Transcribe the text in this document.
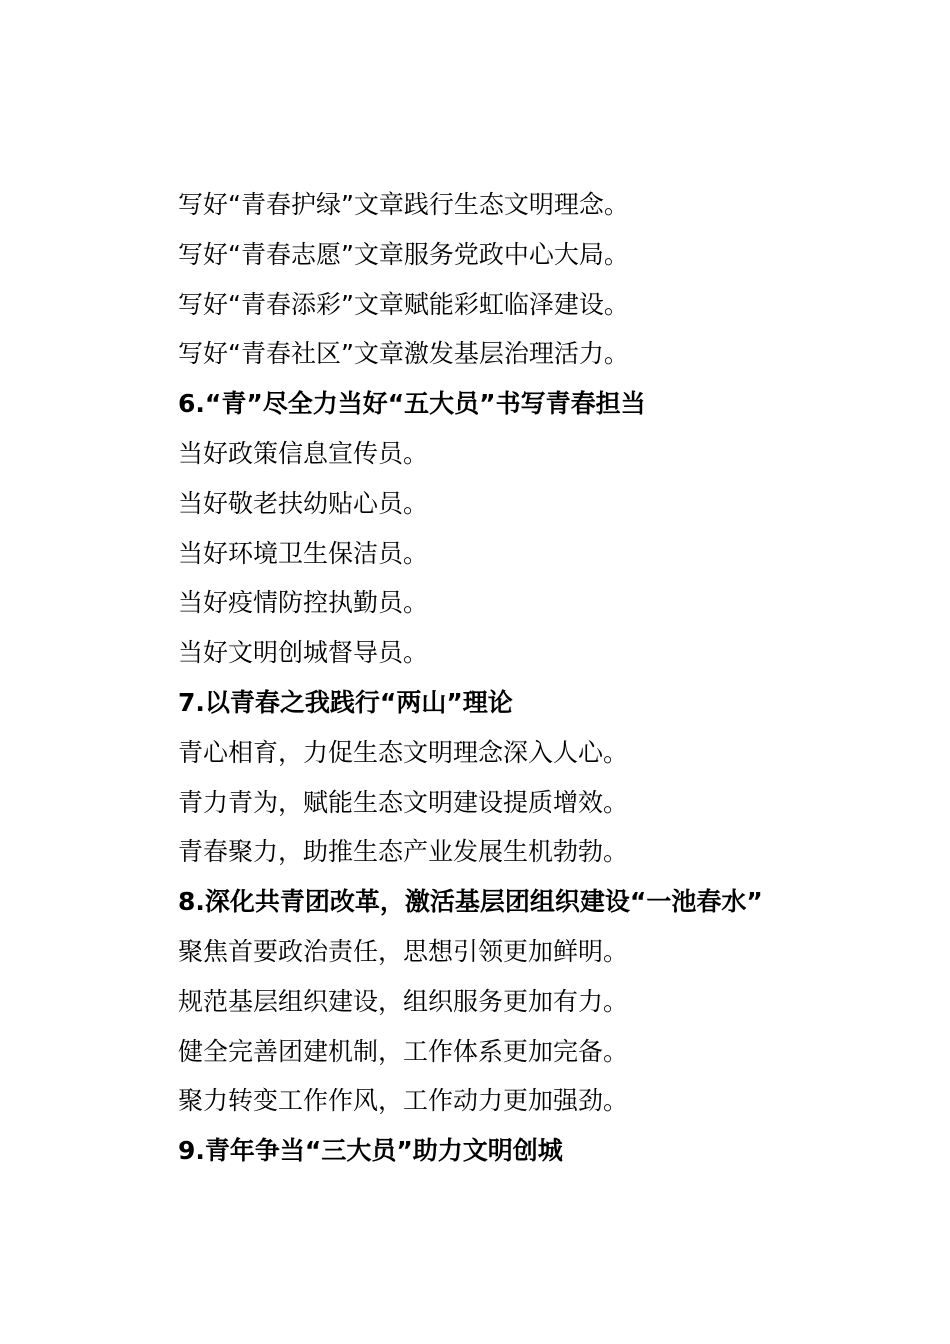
写好“青春护绿”文章践行生态文明理念。
写好“青春志愿”文章服务党政中心大局。
写好“青春添彩”文章赋能彩虹临泽建设。
写好“青春社区”文章激发基层治理活力。
6.“青”尽全力当好“五大员”书写青春担当
当好政策信息宣传员。
当好敬老扶幼贴心员。
当好环境卫生保洁员。
当好疫情防控执勤员。
当好文明创城督导员。
7.以青春之我践行“两山”理论
青心相育，力促生态文明理念深入人心。
青力青为，赋能生态文明建设提质增效。
青春聚力，助推生态产业发展生机勃勃。
8.深化共青团改革，激活基层团组织建设“一池春水”
聚焦首要政治责任，思想引领更加鲜明。
规范基层组织建设，组织服务更加有力。
健全完善团建机制，工作体系更加完备。
聚力转变工作作风，工作动力更加强劲。
9.青年争当“三大员”助力文明创城
